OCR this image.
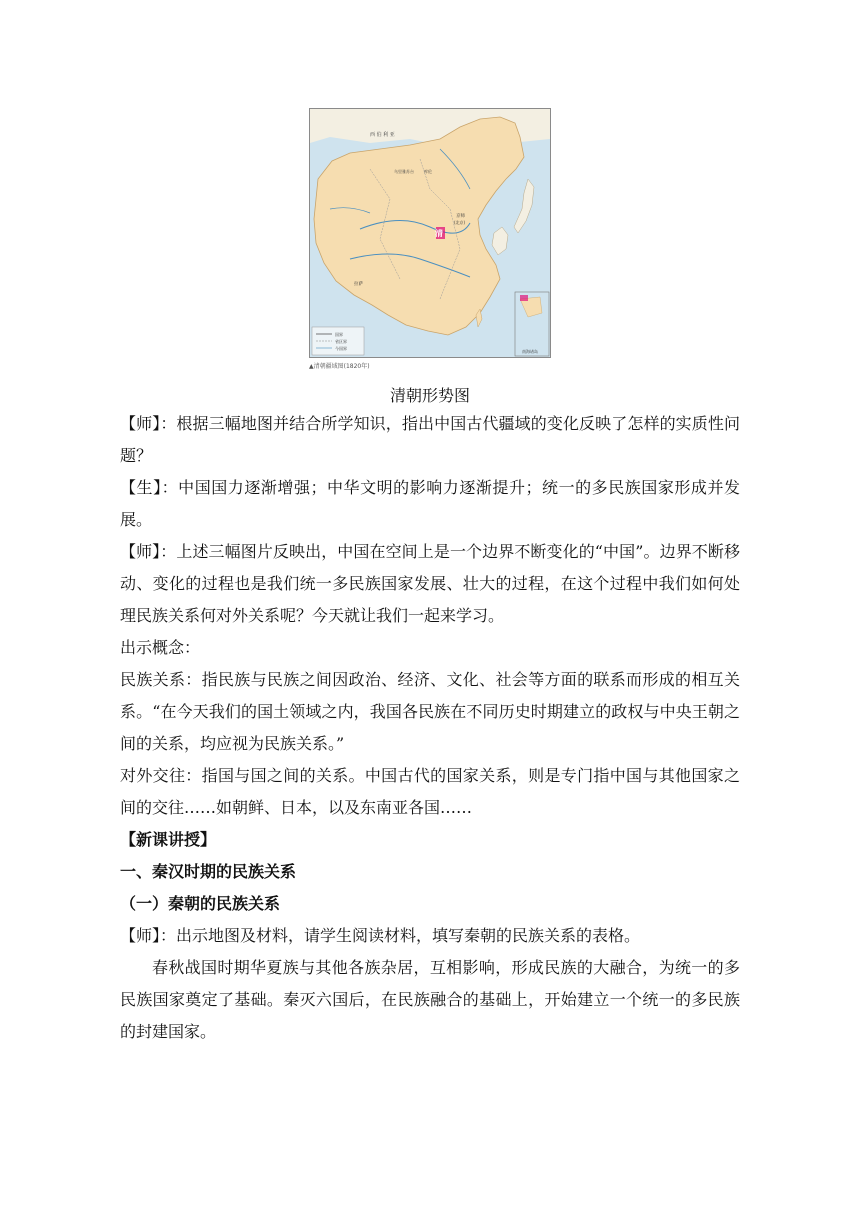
西 伯 利 亚
乌里雅苏台	库伦
清
京师
(北京)
拉萨
国界
省区界
今国界
南海诸岛
▲清朝疆域图(1820年)
清朝形势图

【师】：根据三幅地图并结合所学知识，指出中国古代疆域的变化反映了怎样的实质性问题？

【生】：中国国力逐渐增强；中华文明的影响力逐渐提升；统一的多民族国家形成并发展。

【师】：上述三幅图片反映出，中国在空间上是一个边界不断变化的“中国”。边界不断移动、变化的过程也是我们统一多民族国家发展、壮大的过程，在这个过程中我们如何处理民族关系何对外关系呢？今天就让我们一起来学习。

出示概念：

民族关系：指民族与民族之间因政治、经济、文化、社会等方面的联系而形成的相互关系。“在今天我们的国土领域之内，我国各民族在不同历史时期建立的政权与中央王朝之间的关系，均应视为民族关系。”

对外交往：指国与国之间的关系。中国古代的国家关系，则是专门指中国与其他国家之间的交往……如朝鲜、日本，以及东南亚各国……

【新课讲授】

一、秦汉时期的民族关系

（一）秦朝的民族关系

【师】：出示地图及材料，请学生阅读材料，填写秦朝的民族关系的表格。

春秋战国时期华夏族与其他各族杂居，互相影响，形成民族的大融合，为统一的多民族国家奠定了基础。秦灭六国后，在民族融合的基础上，开始建立一个统一的多民族的封建国家。
